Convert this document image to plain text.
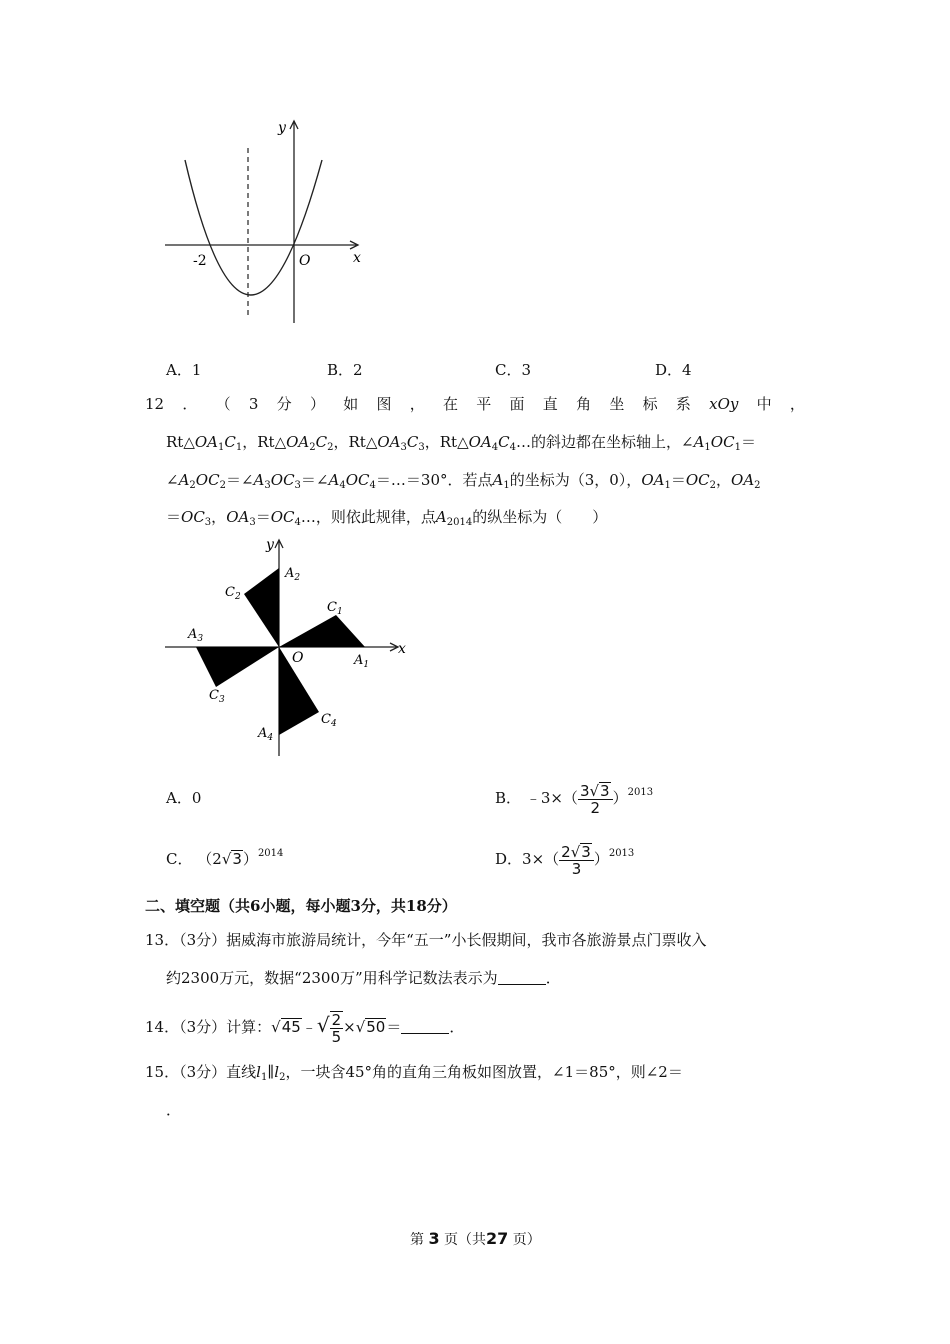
y
x
O
-2
A．1	B．2	C．3	D．4
12 ． （ 3 分 ） 如 图 ， 在 平 面 直 角 坐 标 系 xOy 中 ，
$Rt\triangle OA_1C_1$，$Rt\triangle OA_2C_2$，$Rt\triangle OA_3C_3$，$Rt\triangle OA_4C_4\dots$的斜边都在坐标轴上，$\angle A_1OC_1=$
$\angle A_2OC_2=\angle A_3OC_3=\angle A_4OC_4=\dots=30^\circ$．若点$A_1$的坐标为（3，0），$OA_1=OC_2$，$OA_2$
$=OC_3$，$OA_3=OC_4\dots$，则依此规律，点$A_{2014}$的纵坐标为（　　）
y
x
O
$A_2$
$C_2$
$C_1$
$A_3$
$A_1$
$C_3$
$C_4$
$A_4$
A．0	B． ﹣3×（ $\frac{3√3}{2} )^{2013}$
C． $(2√3)^{2014}$	D．$3\times( \frac{2√3}{3} )^{2013}$
二、填空题（共6小题，每小题3分，共18分）
13．（3分）据威海市旅游局统计，今年“五一”小长假期间，我市各旅游景点门票收入
约2300万元，数据“2300万”用科学记数法表示为	．
14．（3分）计算：√45﹣√ $\frac{2}{5} \times√50=$	．
15．（3分）直线$l_1\parallel l_2$，一块含45°角的直角三角板如图放置，∠1＝85°，则∠2＝
．
第 3 页（共27 页）
